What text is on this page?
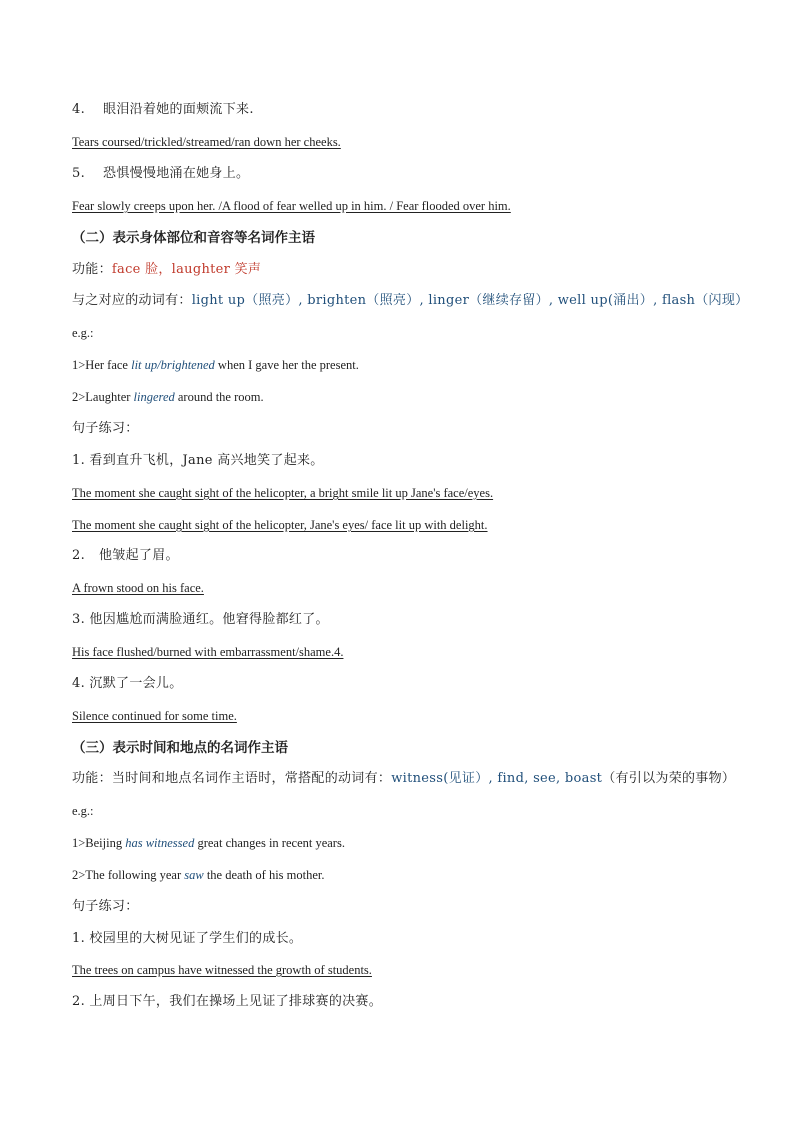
4. 眼泪沿着她的面颊流下来.
Tears coursed/trickled/streamed/ran down her cheeks.
5. 恐惧慢慢地涌在她身上。
Fear slowly creeps upon her. /A flood of fear welled up in him. / Fear flooded over him.
（二）表示身体部位和音容等名词作主语
功能：face 脸，laughter 笑声
与之对应的动词有：light up（照亮）, brighten（照亮）, linger（继续存留）, well up(涌出）, flash（闪现）
e.g.:
1>Her face lit up/brightened when I gave her the present.
2>Laughter lingered around the room.
句子练习：
1. 看到直升飞机，Jane 高兴地笑了起来。
The moment she caught sight of the helicopter, a bright smile lit up Jane's face/eyes.
The moment she caught sight of the helicopter, Jane's eyes/ face lit up with delight.
2. 他皱起了眉。
A frown stood on his face.
3. 他因尴尬而满脸通红。他窘得脸都红了。
His face flushed/burned with embarrassment/shame.4.
4. 沉默了一会儿。
Silence continued for some time.
（三）表示时间和地点的名词作主语
功能：当时间和地点名词作主语时，常搭配的动词有：witness(见证）, find, see, boast（有引以为荣的事物）
e.g.:
1>Beijing has witnessed great changes in recent years.
2>The following year saw the death of his mother.
句子练习：
1. 校园里的大树见证了学生们的成长。
The trees on campus have witnessed the growth of students.
2. 上周日下午，我们在操场上见证了排球赛的决赛。
